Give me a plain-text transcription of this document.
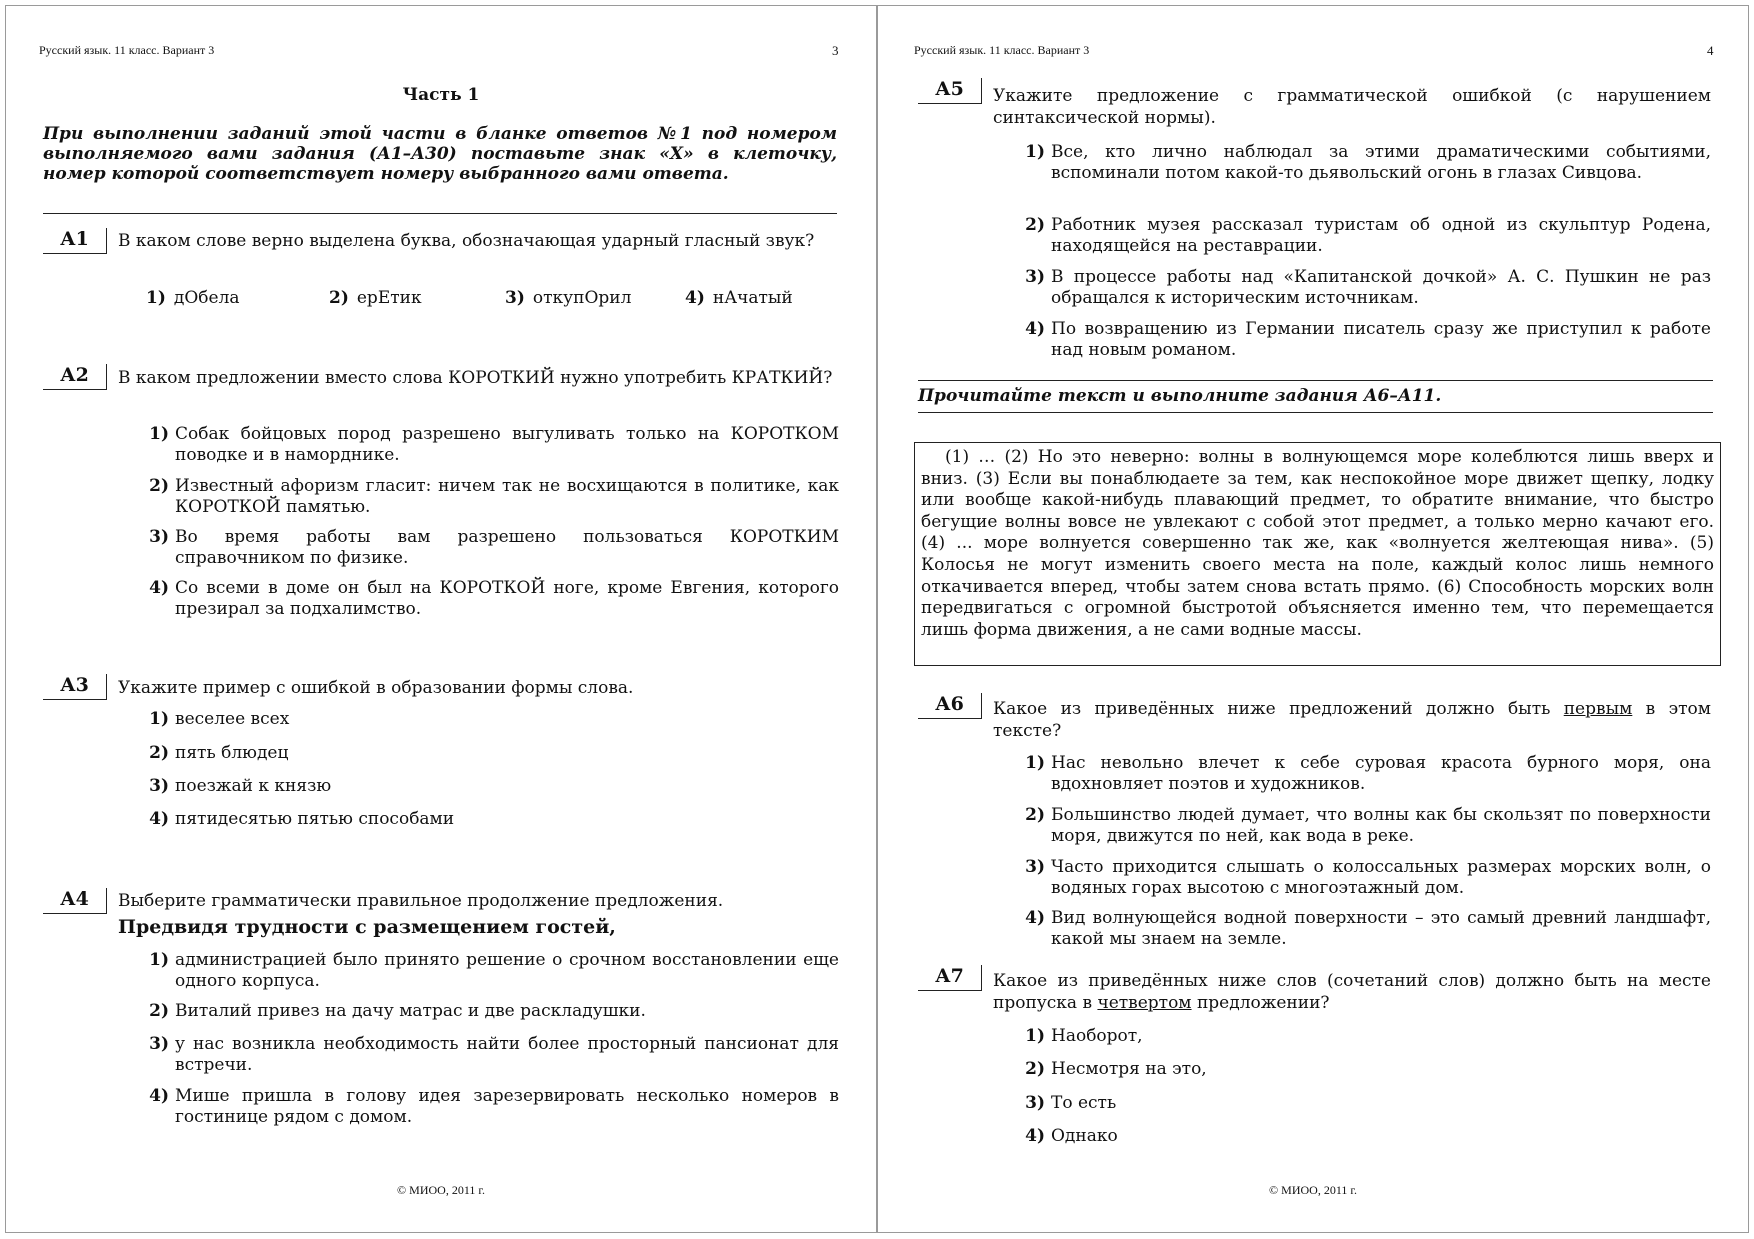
Русский язык. 11 класс. Вариант 3	3
Часть 1
При выполнении заданий этой части в бланке ответов №1 под номером выполняемого вами задания (А1–А30) поставьте знак «X» в клеточку, номер которой соответствует номеру выбранного вами ответа.
А1	В каком слове верно выделена буква, обозначающая ударный гласный звук?
1) дОбела	2) ерЕтик	3) откупОрил	4) нАчатый
А2	В каком предложении вместо слова КОРОТКИЙ нужно употребить КРАТКИЙ?
1) Собак бойцовых пород разрешено выгуливать только на КОРОТКОМ поводке и в наморднике.
2) Известный афоризм гласит: ничем так не восхищаются в политике, как КОРОТКОЙ памятью.
3) Во время работы вам разрешено пользоваться КОРОТКИМ справочником по физике.
4) Со всеми в доме он был на КОРОТКОЙ ноге, кроме Евгения, которого презирал за подхалимство.
А3	Укажите пример с ошибкой в образовании формы слова.
1) веселее всех
2) пять блюдец
3) поезжай к князю
4) пятидесятью пятью способами
А4	Выберите грамматически правильное продолжение предложения.
Предвидя трудности с размещением гостей,
1) администрацией было принято решение о срочном восстановлении еще одного корпуса.
2) Виталий привез на дачу матрас и две раскладушки.
3) у нас возникла необходимость найти более просторный пансионат для встречи.
4) Мише пришла в голову идея зарезервировать несколько номеров в гостинице рядом с домом.
© МИОО, 2011 г.
Русский язык. 11 класс. Вариант 3	4
А5	Укажите предложение с грамматической ошибкой (с нарушением синтаксической нормы).
1) Все, кто лично наблюдал за этими драматическими событиями, вспоминали потом какой-то дьявольский огонь в глазах Сивцова.
2) Работник музея рассказал туристам об одной из скульптур Родена, находящейся на реставрации.
3) В процессе работы над «Капитанской дочкой» А. С. Пушкин не раз обращался к историческим источникам.
4) По возвращению из Германии писатель сразу же приступил к работе над новым романом.
Прочитайте текст и выполните задания А6–А11.

(1) … (2) Но это неверно: волны в волнующемся море колеблются лишь вверх и вниз. (3) Если вы понаблюдаете за тем, как неспокойное море движет щепку, лодку или вообще какой-нибудь плавающий предмет, то обратите внимание, что быстро бегущие волны вовсе не увлекают с собой этот предмет, а только мерно качают его. (4) ... море волнуется совершенно так же, как «волнуется желтеющая нива». (5) Колосья не могут изменить своего места на поле, каждый колос лишь немного откачивается вперед, чтобы затем снова встать прямо. (6) Способность морских волн передвигаться с огромной быстротой объясняется именно тем, что перемещается лишь форма движения, а не сами водные массы.

А6	Какое из приведённых ниже предложений должно быть первым в этом тексте?
1) Нас невольно влечет к себе суровая красота бурного моря, она вдохновляет поэтов и художников.
2) Большинство людей думает, что волны как бы скользят по поверхности моря, движутся по ней, как вода в реке.
3) Часто приходится слышать о колоссальных размерах морских волн, о водяных горах высотою с многоэтажный дом.
4) Вид волнующейся водной поверхности – это самый древний ландшафт, какой мы знаем на земле.
А7	Какое из приведённых ниже слов (сочетаний слов) должно быть на месте пропуска в четвертом предложении?
1) Наоборот,
2) Несмотря на это,
3) То есть
4) Однако
© МИОО, 2011 г.
